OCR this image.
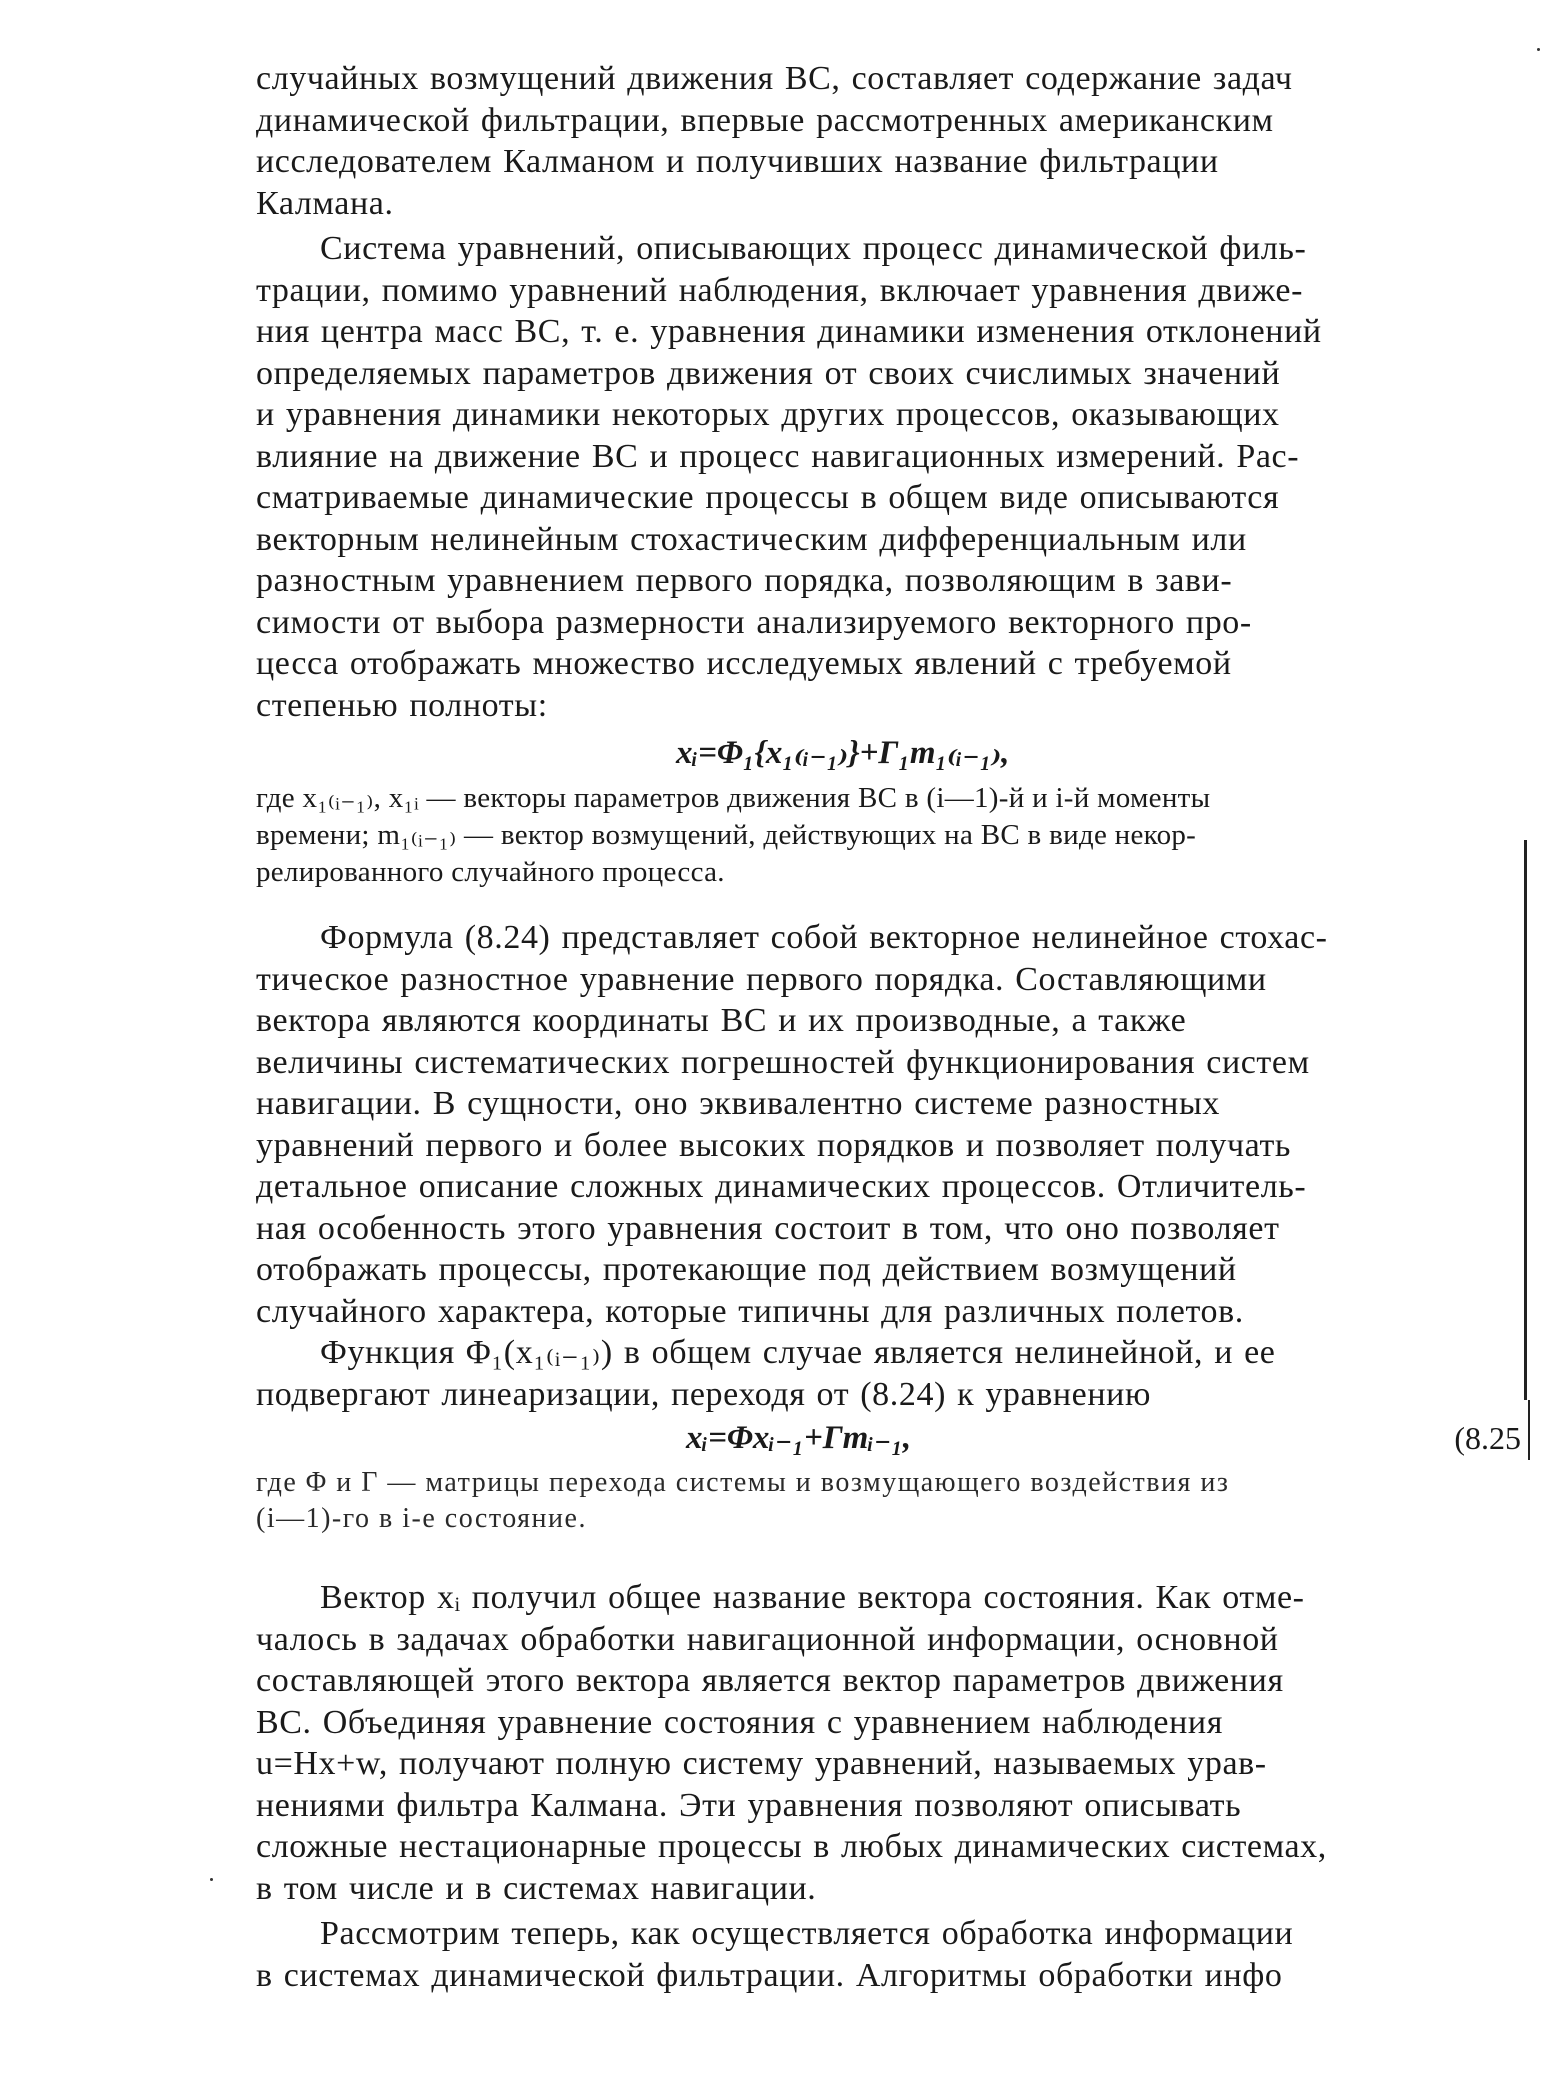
случайных возмущений движения ВС, составляет содержание задач
динамической фильтрации, впервые рассмотренных американским
исследователем Калманом и получивших название фильтрации
Калмана.

Система уравнений, описывающих процесс динамической филь-
трации, помимо уравнений наблюдения, включает уравнения движе-
ния центра масс ВС, т. е. уравнения динамики изменения отклонений
определяемых параметров движения от своих счислимых значений
и уравнения динамики некоторых других процессов, оказывающих
влияние на движение ВС и процесс навигационных измерений. Рас-
сматриваемые динамические процессы в общем виде описываются
векторным нелинейным стохастическим дифференциальным или
разностным уравнением первого порядка, позволяющим в зави-
симости от выбора размерности анализируемого векторного про-
цесса отображать множество исследуемых явлений с требуемой
степенью полноты:

xᵢ=Φ₁{x₁₍ᵢ₋₁₎}+Γ₁m₁₍ᵢ₋₁₎,

где x₁₍ᵢ₋₁₎, x₁ᵢ — векторы параметров движения ВС в (i—1)-й и i-й моменты
времени; m₁₍ᵢ₋₁₎ — вектор возмущений, действующих на ВС в виде некор-
релированного случайного процесса.

Формула (8.24) представляет собой векторное нелинейное стохас-
тическое разностное уравнение первого порядка. Составляющими
вектора являются координаты ВС и их производные, а также
величины систематических погрешностей функционирования систем
навигации. В сущности, оно эквивалентно системе разностных
уравнений первого и более высоких порядков и позволяет получать
детальное описание сложных динамических процессов. Отличитель-
ная особенность этого уравнения состоит в том, что оно позволяет
отображать процессы, протекающие под действием возмущений
случайного характера, которые типичны для различных полетов.

Функция Φ₁(x₁₍ᵢ₋₁₎) в общем случае является нелинейной, и ее
подвергают линеаризации, переходя от (8.24) к уравнению

xᵢ=Φxᵢ₋₁+Γmᵢ₋₁,	(8.25

где Φ и Γ — матрицы перехода системы и возмущающего воздействия из
(i—1)-го в i-е состояние.

Вектор xᵢ получил общее название вектора состояния. Как отме-
чалось в задачах обработки навигационной информации, основной
составляющей этого вектора является вектор параметров движения
ВС. Объединяя уравнение состояния с уравнением наблюдения
u=Hx+w, получают полную систему уравнений, называемых урав-
нениями фильтра Калмана. Эти уравнения позволяют описывать
сложные нестационарные процессы в любых динамических системах,
в том числе и в системах навигации.

Рассмотрим теперь, как осуществляется обработка информации
в системах динамической фильтрации. Алгоритмы обработки инфо
